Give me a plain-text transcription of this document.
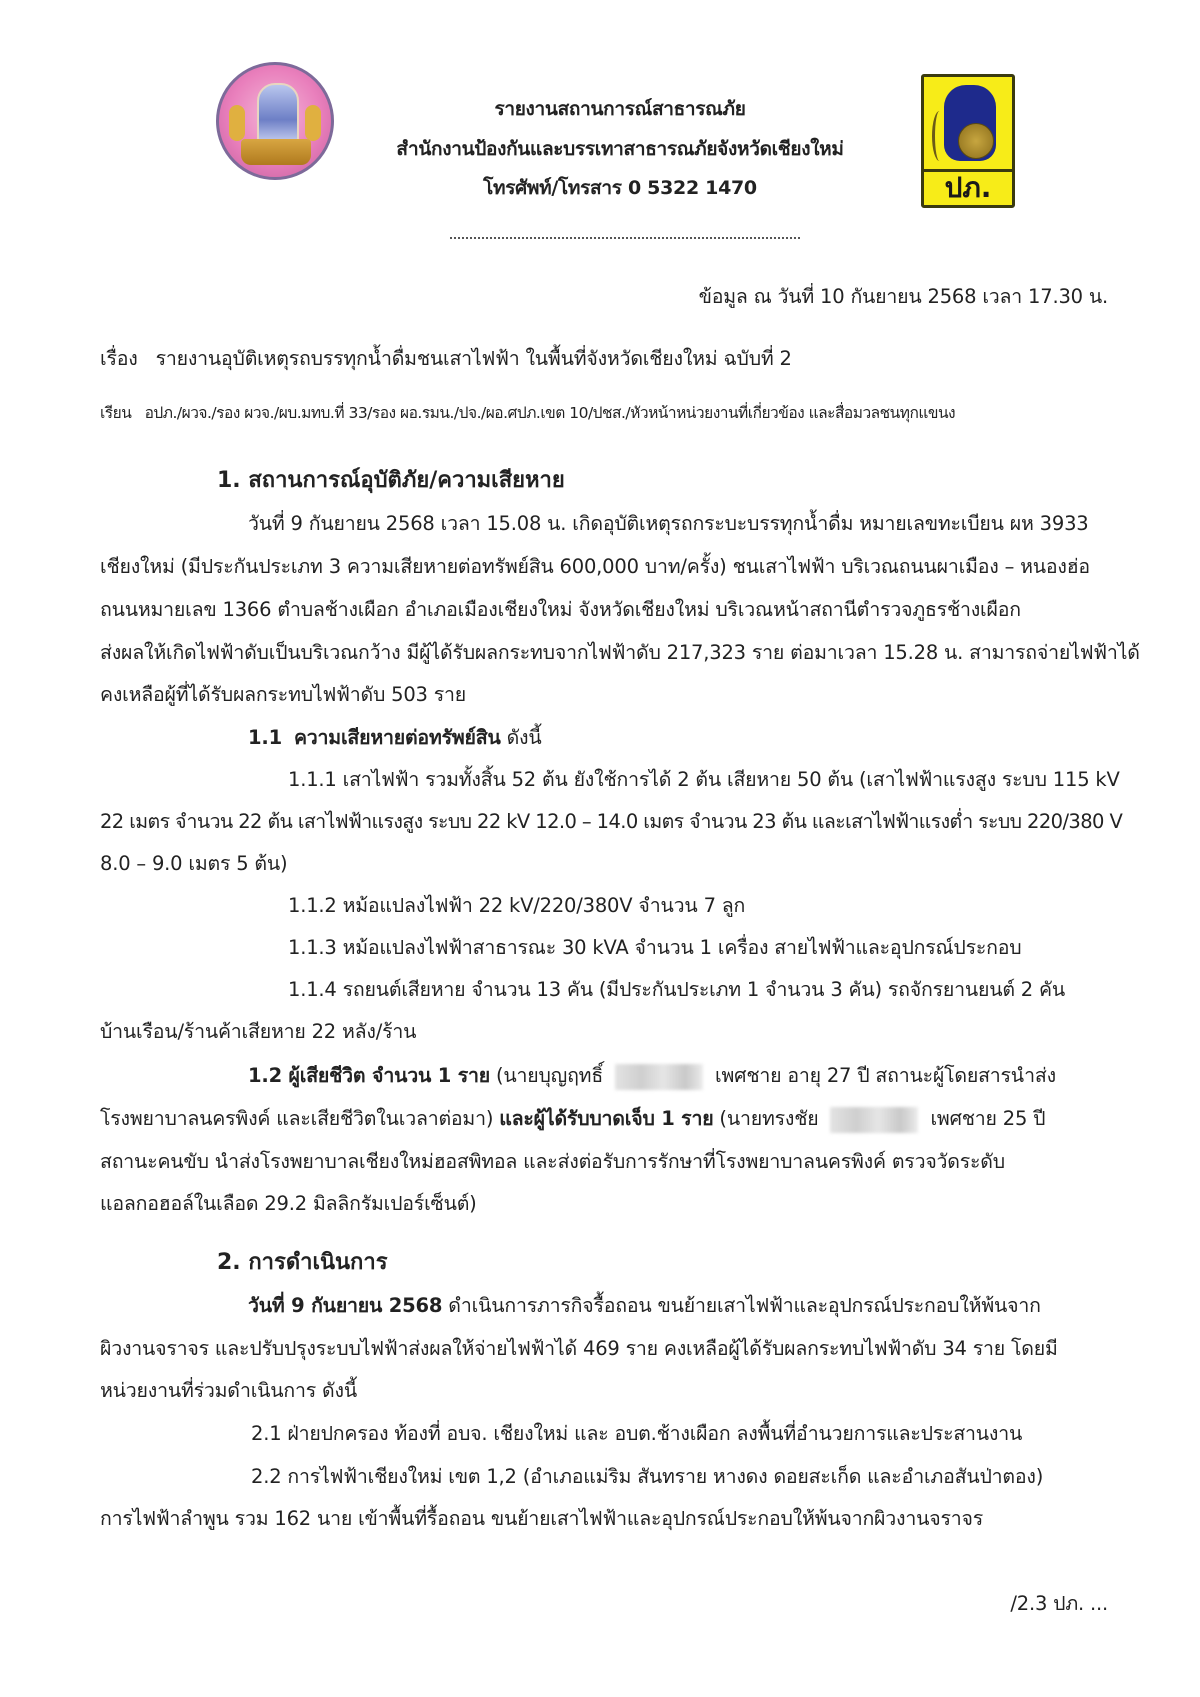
ปภ.
รายงานสถานการณ์สาธารณภัย
สำนักงานป้องกันและบรรเทาสาธารณภัยจังหวัดเชียงใหม่
โทรศัพท์/โทรสาร 0 5322 1470
ข้อมูล ณ วันที่ 10 กันยายน 2568 เวลา 17.30 น.
เรื่อง รายงานอุบัติเหตุรถบรรทุกน้ำดื่มชนเสาไฟฟ้า ในพื้นที่จังหวัดเชียงใหม่ ฉบับที่ 2
เรียน อปภ./ผวจ./รอง ผวจ./ผบ.มทบ.ที่ 33/รอง ผอ.รมน./ปจ./ผอ.ศปภ.เขต 10/ปชส./หัวหน้าหน่วยงานที่เกี่ยวข้อง และสื่อมวลชนทุกแขนง
1. สถานการณ์อุบัติภัย/ความเสียหาย
วันที่ 9 กันยายน 2568 เวลา 15.08 น. เกิดอุบัติเหตุรถกระบะบรรทุกน้ำดื่ม หมายเลขทะเบียน ผห 3933
เชียงใหม่ (มีประกันประเภท 3 ความเสียหายต่อทรัพย์สิน 600,000 บาท/ครั้ง) ชนเสาไฟฟ้า บริเวณถนนผาเมือง – หนองฮ่อ
ถนนหมายเลข 1366 ตำบลช้างเผือก อำเภอเมืองเชียงใหม่ จังหวัดเชียงใหม่ บริเวณหน้าสถานีตำรวจภูธรช้างเผือก
ส่งผลให้เกิดไฟฟ้าดับเป็นบริเวณกว้าง มีผู้ได้รับผลกระทบจากไฟฟ้าดับ 217,323 ราย ต่อมาเวลา 15.28 น. สามารถจ่ายไฟฟ้าได้
คงเหลือผู้ที่ได้รับผลกระทบไฟฟ้าดับ 503 ราย
1.1 ความเสียหายต่อทรัพย์สิน ดังนี้
1.1.1 เสาไฟฟ้า รวมทั้งสิ้น 52 ต้น ยังใช้การได้ 2 ต้น เสียหาย 50 ต้น (เสาไฟฟ้าแรงสูง ระบบ 115 kV
22 เมตร จำนวน 22 ต้น เสาไฟฟ้าแรงสูง ระบบ 22 kV 12.0 – 14.0 เมตร จำนวน 23 ต้น และเสาไฟฟ้าแรงต่ำ ระบบ 220/380 V
8.0 – 9.0 เมตร 5 ต้น)
1.1.2 หม้อแปลงไฟฟ้า 22 kV/220/380V จำนวน 7 ลูก
1.1.3 หม้อแปลงไฟฟ้าสาธารณะ 30 kVA จำนวน 1 เครื่อง สายไฟฟ้าและอุปกรณ์ประกอบ
1.1.4 รถยนต์เสียหาย จำนวน 13 คัน (มีประกันประเภท 1 จำนวน 3 คัน) รถจักรยานยนต์ 2 คัน
บ้านเรือน/ร้านค้าเสียหาย 22 หลัง/ร้าน
1.2 ผู้เสียชีวิต จำนวน 1 ราย (นายบุญฤทธิ์	เพศชาย อายุ 27 ปี สถานะผู้โดยสารนำส่ง
โรงพยาบาลนครพิงค์ และเสียชีวิตในเวลาต่อมา) และผู้ได้รับบาดเจ็บ 1 ราย (นายทรงชัย	เพศชาย 25 ปี
สถานะคนขับ นำส่งโรงพยาบาลเชียงใหม่ฮอสพิทอล และส่งต่อรับการรักษาที่โรงพยาบาลนครพิงค์ ตรวจวัดระดับ
แอลกอฮอล์ในเลือด 29.2 มิลลิกรัมเปอร์เซ็นต์)
2. การดำเนินการ
วันที่ 9 กันยายน 2568 ดำเนินการภารกิจรื้อถอน ขนย้ายเสาไฟฟ้าและอุปกรณ์ประกอบให้พ้นจาก
ผิวงานจราจร และปรับปรุงระบบไฟฟ้าส่งผลให้จ่ายไฟฟ้าได้ 469 ราย คงเหลือผู้ได้รับผลกระทบไฟฟ้าดับ 34 ราย โดยมี
หน่วยงานที่ร่วมดำเนินการ ดังนี้
2.1 ฝ่ายปกครอง ท้องที่ อบจ. เชียงใหม่ และ อบต.ช้างเผือก ลงพื้นที่อำนวยการและประสานงาน
2.2 การไฟฟ้าเชียงใหม่ เขต 1,2 (อำเภอแม่ริม สันทราย หางดง ดอยสะเก็ด และอำเภอสันป่าตอง)
การไฟฟ้าลำพูน รวม 162 นาย เข้าพื้นที่รื้อถอน ขนย้ายเสาไฟฟ้าและอุปกรณ์ประกอบให้พ้นจากผิวงานจราจร
/2.3 ปภ. ...
